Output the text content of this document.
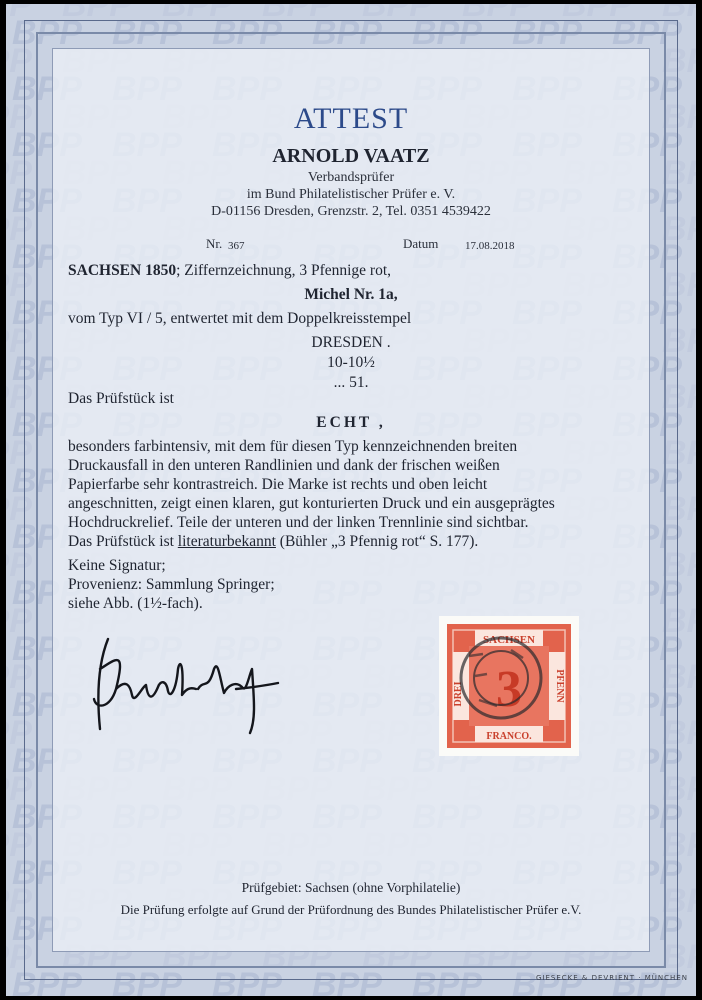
ATTEST
ARNOLD VAATZ
Verbandsprüfer
im Bund Philatelistischer Prüfer e. V.
D-01156 Dresden, Grenzstr. 2, Tel. 0351 4539422
Nr. 367	Datum 17.08.2018
SACHSEN 1850; Ziffernzeichnung, 3 Pfennige rot,
Michel Nr. 1a,
vom Typ VI / 5, entwertet mit dem Doppelkreisstempel
DRESDEN .
10-10½
... 51.
Das Prüfstück ist
ECHT ,
besonders farbintensiv, mit dem für diesen Typ kennzeichnenden breiten
Druckausfall in den unteren Randlinien und dank der frischen weißen
Papierfarbe sehr kontrastreich. Die Marke ist rechts und oben leicht
angeschnitten, zeigt einen klaren, gut konturierten Druck und ein ausgeprägtes
Hochdruckrelief. Teile der unteren und der linken Trennlinie sind sichtbar.
Das Prüfstück ist literaturbekannt (Bühler „3 Pfennig rot“ S. 177).
Keine Signatur;
Provenienz: Sammlung Springer;
siehe Abb. (1½-fach).
SACHSEN
FRANCO.
DREI	PFENN
3
Prüfgebiet: Sachsen (ohne Vorphilatelie)
Die Prüfung erfolgte auf Grund der Prüfordnung des Bundes Philatelistischer Prüfer e.V.
GIESECKE & DEVRIENT · MÜNCHEN
